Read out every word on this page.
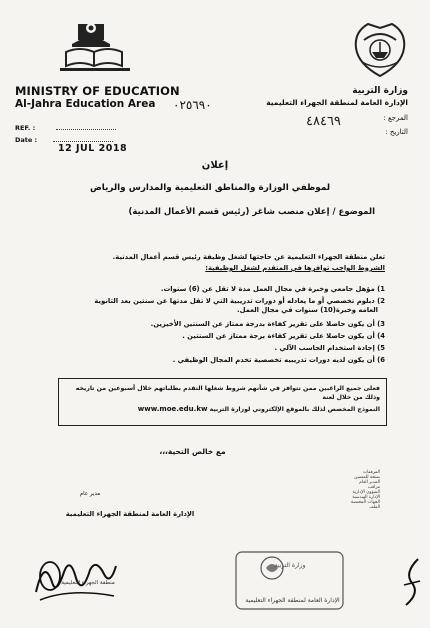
MINISTRY OF EDUCATION
Al-Jahra Education Area
REF. :
Date :
12 JUL 2018
٠٢٥٦٩٠
وزارة التربية
الإدارة العامة لمنطقة الجهراء التعليمية
المرجع :
التاريخ :
٤٨٤٦٩
إعلان
لموظفي الوزارة والمناطق التعليمية والمدارس والرياض
الموضوع / إعلان منصب شاغر (رئيس قسم الأعمال المدنية)
تعلن منطقة الجهراء التعليمية عن حاجتها لشغل وظيفة رئيس قسم أعمال المدنية.
الشروط الواجب توافرها في المتقدم لشغل الوظيفية:
1) مؤهل جامعي وخبرة في مجال العمل مدة لا تقل عن (6) سنوات.
2) دبلوم تخصصي أو ما يعادله أو دورات تدريبية التي لا تقل مدتها عن سنتين بعد الثانوية
العامه وخبرة(10) سنوات في مجال العمل.
3) أن يكون حاصلا على تقرير كفاءة بدرجة ممتاز عن السنتين الأخيرين.
4) أن يكون حاصلا على تقرير كفاءة برجة ممتاز عن السنتين .
5) إجادة استخدام الحاسب الآلي .
6) أن يكون لديه دورات تدريبيه تخصصية تخدم المجال الوظيفي .
فعلى جميع الراغبين ممن تتوافر في شأنهم شروط شغلها التقدم بطلباتهم خلال أسبوعين من تاريخه وذلك من خلال لعنة
النموذج المخصص لذلك بالموقع الإلكتروني لوزارة التربية www.moe.edu.kw
مع خالص التحية،،،
مدير عام
الإدارة العامة لمنطقة الجهراء التعليمية
المرفقات
نسخة للمعنيين
المدير العام
مراقب
الشؤون الإدارية
الإدارة الهندسية
الجهات المختصة
الملف
منطقة الجهراء التعليمية
وزارة التربية
الإدارة العامة لمنطقة الجهراء التعليمية
